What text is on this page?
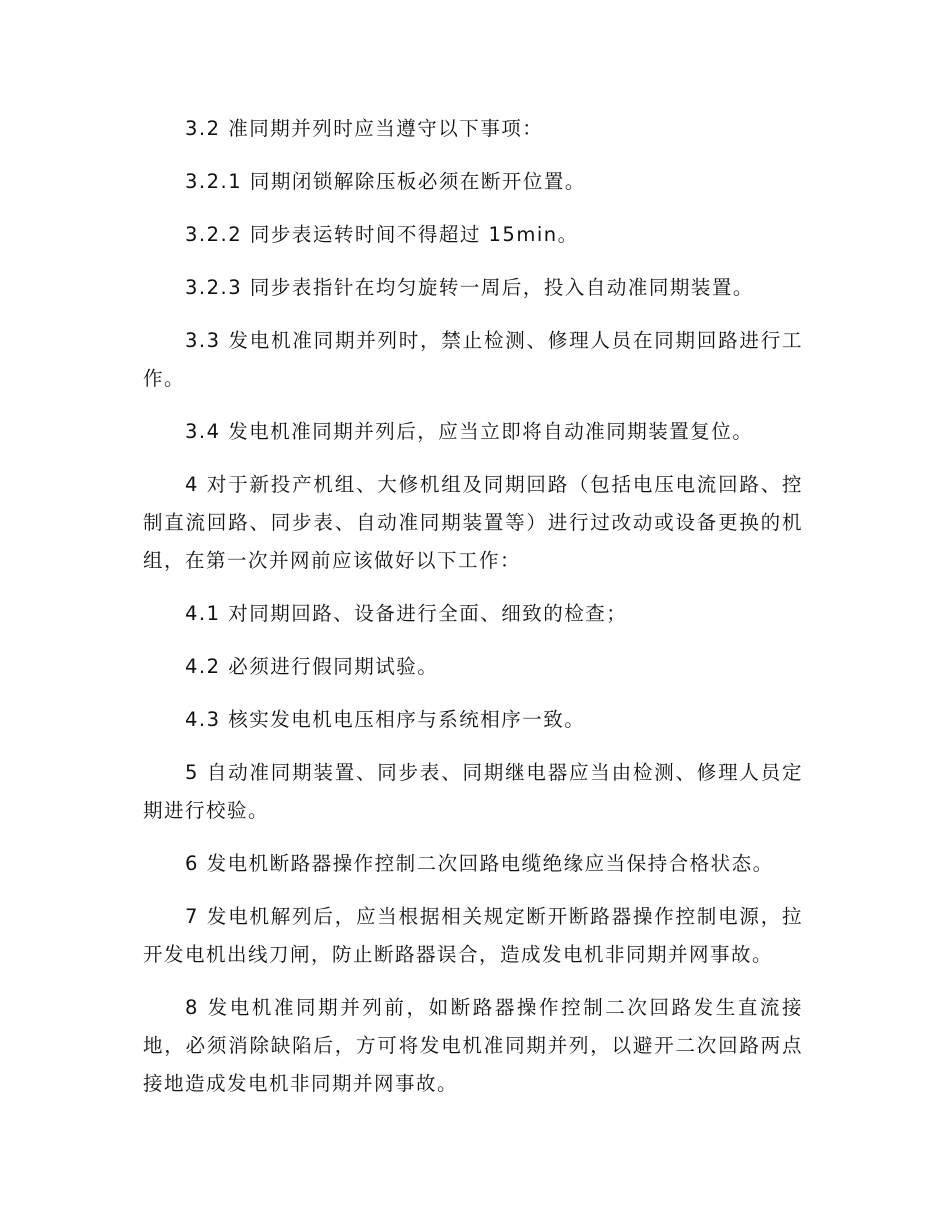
3.2 准同期并列时应当遵守以下事项：

3.2.1 同期闭锁解除压板必须在断开位置。

3.2.2 同步表运转时间不得超过 15min。

3.2.3 同步表指针在均匀旋转一周后，投入自动准同期装置。

3.3 发电机准同期并列时，禁止检测、修理人员在同期回路进行工作。

3.4 发电机准同期并列后，应当立即将自动准同期装置复位。

4 对于新投产机组、大修机组及同期回路（包括电压电流回路、控制直流回路、同步表、自动准同期装置等）进行过改动或设备更换的机组，在第一次并网前应该做好以下工作：

4.1 对同期回路、设备进行全面、细致的检查；

4.2 必须进行假同期试验。

4.3 核实发电机电压相序与系统相序一致。

5 自动准同期装置、同步表、同期继电器应当由检测、修理人员定期进行校验。

6 发电机断路器操作控制二次回路电缆绝缘应当保持合格状态。

7 发电机解列后，应当根据相关规定断开断路器操作控制电源，拉开发电机出线刀闸，防止断路器误合，造成发电机非同期并网事故。

8 发电机准同期并列前，如断路器操作控制二次回路发生直流接地，必须消除缺陷后，方可将发电机准同期并列，以避开二次回路两点接地造成发电机非同期并网事故。
